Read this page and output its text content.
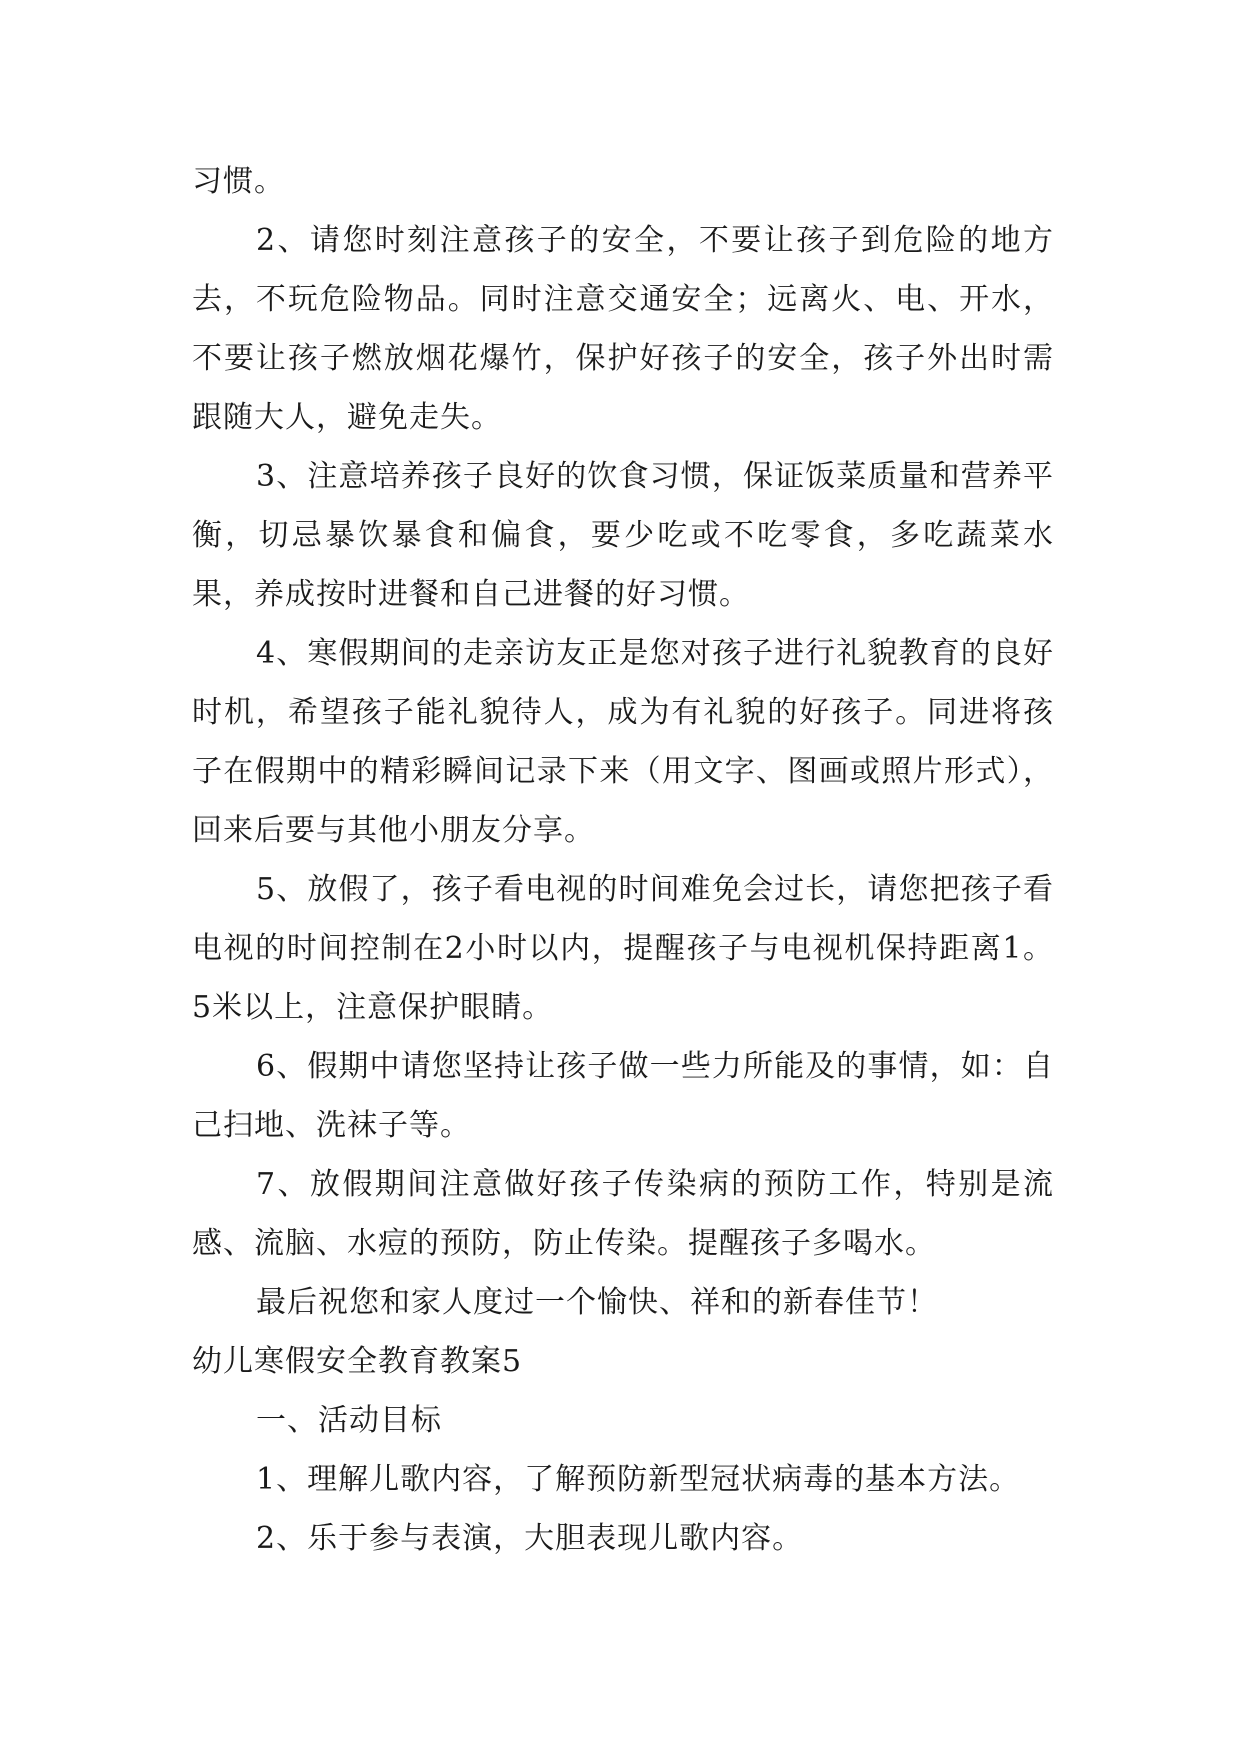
习惯。

2、请您时刻注意孩子的安全，不要让孩子到危险的地方去，不玩危险物品。同时注意交通安全；远离火、电、开水，不要让孩子燃放烟花爆竹，保护好孩子的安全，孩子外出时需跟随大人，避免走失。

3、注意培养孩子良好的饮食习惯，保证饭菜质量和营养平衡，切忌暴饮暴食和偏食，要少吃或不吃零食，多吃蔬菜水果，养成按时进餐和自己进餐的好习惯。

4、寒假期间的走亲访友正是您对孩子进行礼貌教育的良好时机，希望孩子能礼貌待人，成为有礼貌的好孩子。同进将孩子在假期中的精彩瞬间记录下来（用文字、图画或照片形式），回来后要与其他小朋友分享。

5、放假了，孩子看电视的时间难免会过长，请您把孩子看电视的时间控制在2小时以内，提醒孩子与电视机保持距离1。5米以上，注意保护眼睛。

6、假期中请您坚持让孩子做一些力所能及的事情，如：自己扫地、洗袜子等。

7、放假期间注意做好孩子传染病的预防工作，特别是流感、流脑、水痘的预防，防止传染。提醒孩子多喝水。

最后祝您和家人度过一个愉快、祥和的新春佳节！

幼儿寒假安全教育教案5

一、活动目标

1、理解儿歌内容，了解预防新型冠状病毒的基本方法。

2、乐于参与表演，大胆表现儿歌内容。
